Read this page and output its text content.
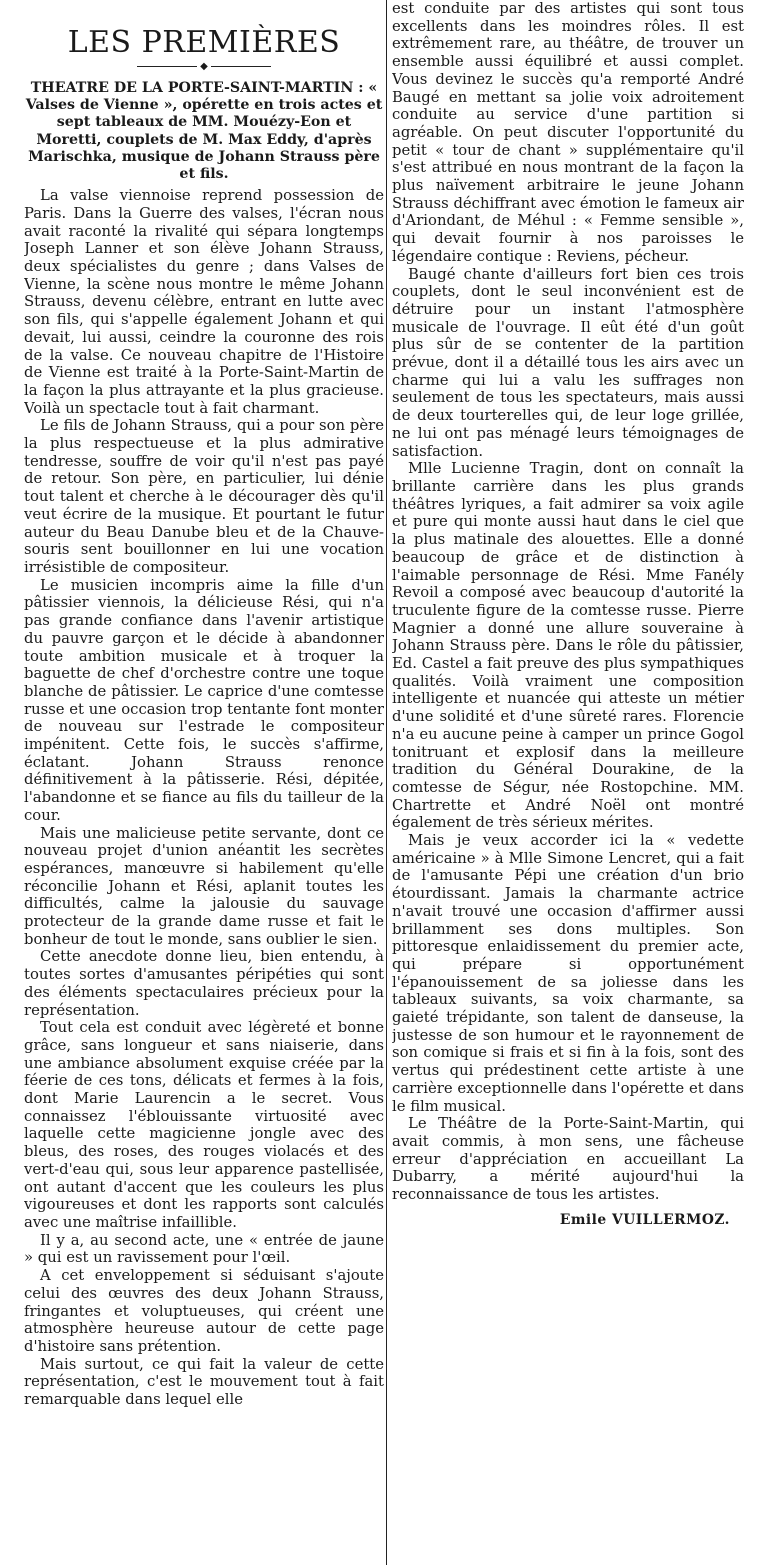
LES PREMIÈRES
◆
THEATRE DE LA PORTE-SAINT-MARTIN : « Valses de Vienne », opérette en trois actes et sept tableaux de MM. Mouézy-Eon et Moretti, couplets de M. Max Eddy, d'après Marischka, musique de Johann Strauss père et fils.

La valse viennoise reprend possession de Paris. Dans la Guerre des valses, l'écran nous avait raconté la rivalité qui sépara longtemps Joseph Lanner et son élève Johann Strauss, deux spécialistes du genre ; dans Valses de Vienne, la scène nous montre le même Johann Strauss, devenu célèbre, entrant en lutte avec son fils, qui s'appelle également Johann et qui devait, lui aussi, ceindre la couronne des rois de la valse. Ce nouveau chapitre de l'Histoire de Vienne est traité à la Porte-Saint-Martin de la façon la plus attrayante et la plus gracieuse. Voilà un spectacle tout à fait charmant.

Le fils de Johann Strauss, qui a pour son père la plus respectueuse et la plus admirative tendresse, souffre de voir qu'il n'est pas payé de retour. Son père, en particulier, lui dénie tout talent et cherche à le décourager dès qu'il veut écrire de la musique. Et pourtant le futur auteur du Beau Danube bleu et de la Chauve-souris sent bouillonner en lui une vocation irrésistible de compositeur.

Le musicien incompris aime la fille d'un pâtissier viennois, la délicieuse Rési, qui n'a pas grande confiance dans l'avenir artistique du pauvre garçon et le décide à abandonner toute ambition musicale et à troquer la baguette de chef d'orchestre contre une toque blanche de pâtissier. Le caprice d'une comtesse russe et une occasion trop tentante font monter de nouveau sur l'estrade le compositeur impénitent. Cette fois, le succès s'affirme, éclatant. Johann Strauss renonce définitivement à la pâtisserie. Rési, dépitée, l'abandonne et se fiance au fils du tailleur de la cour.

Mais une malicieuse petite servante, dont ce nouveau projet d'union anéantit les secrètes espérances, manœuvre si habilement qu'elle réconcilie Johann et Rési, aplanit toutes les difficultés, calme la jalousie du sauvage protecteur de la grande dame russe et fait le bonheur de tout le monde, sans oublier le sien.

Cette anecdote donne lieu, bien entendu, à toutes sortes d'amusantes péripéties qui sont des éléments spectaculaires précieux pour la représentation.

Tout cela est conduit avec légèreté et bonne grâce, sans longueur et sans niaiserie, dans une ambiance absolument exquise créée par la féerie de ces tons, délicats et fermes à la fois, dont Marie Laurencin a le secret. Vous connaissez l'éblouissante virtuosité avec laquelle cette magicienne jongle avec des bleus, des roses, des rouges violacés et des vert-d'eau qui, sous leur apparence pastellisée, ont autant d'accent que les couleurs les plus vigoureuses et dont les rapports sont calculés avec une maîtrise infaillible.

Il y a, au second acte, une « entrée de jaune » qui est un ravissement pour l'œil.

A cet enveloppement si séduisant s'ajoute celui des œuvres des deux Johann Strauss, fringantes et voluptueuses, qui créent une atmosphère heureuse autour de cette page d'histoire sans prétention.

Mais surtout, ce qui fait la valeur de cette représentation, c'est le mouvement tout à fait remarquable dans lequel elle

est conduite par des artistes qui sont tous excellents dans les moindres rôles. Il est extrêmement rare, au théâtre, de trouver un ensemble aussi équilibré et aussi complet. Vous devinez le succès qu'a remporté André Baugé en mettant sa jolie voix adroitement conduite au service d'une partition si agréable. On peut discuter l'opportunité du petit « tour de chant » supplémentaire qu'il s'est attribué en nous montrant de la façon la plus naïvement arbitraire le jeune Johann Strauss déchiffrant avec émotion le fameux air d'Ariondant, de Méhul : « Femme sensible », qui devait fournir à nos paroisses le légendaire contique : Reviens, pécheur.

Baugé chante d'ailleurs fort bien ces trois couplets, dont le seul inconvénient est de détruire pour un instant l'atmosphère musicale de l'ouvrage. Il eût été d'un goût plus sûr de se contenter de la partition prévue, dont il a détaillé tous les airs avec un charme qui lui a valu les suffrages non seulement de tous les spectateurs, mais aussi de deux tourterelles qui, de leur loge grillée, ne lui ont pas ménagé leurs témoignages de satisfaction.

Mlle Lucienne Tragin, dont on connaît la brillante carrière dans les plus grands théâtres lyriques, a fait admirer sa voix agile et pure qui monte aussi haut dans le ciel que la plus matinale des alouettes. Elle a donné beaucoup de grâce et de distinction à l'aimable personnage de Rési. Mme Fanély Revoil a composé avec beaucoup d'autorité la truculente figure de la comtesse russe. Pierre Magnier a donné une allure souveraine à Johann Strauss père. Dans le rôle du pâtissier, Ed. Castel a fait preuve des plus sympathiques qualités. Voilà vraiment une composition intelligente et nuancée qui atteste un métier d'une solidité et d'une sûreté rares. Florencie n'a eu aucune peine à camper un prince Gogol tonitruant et explosif dans la meilleure tradition du Général Dourakine, de la comtesse de Ségur, née Rostopchine. MM. Chartrette et André Noël ont montré également de très sérieux mérites.

Mais je veux accorder ici la « vedette américaine » à Mlle Simone Lencret, qui a fait de l'amusante Pépi une création d'un brio étourdissant. Jamais la charmante actrice n'avait trouvé une occasion d'affirmer aussi brillamment ses dons multiples. Son pittoresque enlaidissement du premier acte, qui prépare si opportunément l'épanouissement de sa joliesse dans les tableaux suivants, sa voix charmante, sa gaieté trépidante, son talent de danseuse, la justesse de son humour et le rayonnement de son comique si frais et si fin à la fois, sont des vertus qui prédestinent cette artiste à une carrière exceptionnelle dans l'opérette et dans le film musical.

Le Théâtre de la Porte-Saint-Martin, qui avait commis, à mon sens, une fâcheuse erreur d'appréciation en accueillant La Dubarry, a mérité aujourd'hui la reconnaissance de tous les artistes.

Emile VUILLERMOZ.
